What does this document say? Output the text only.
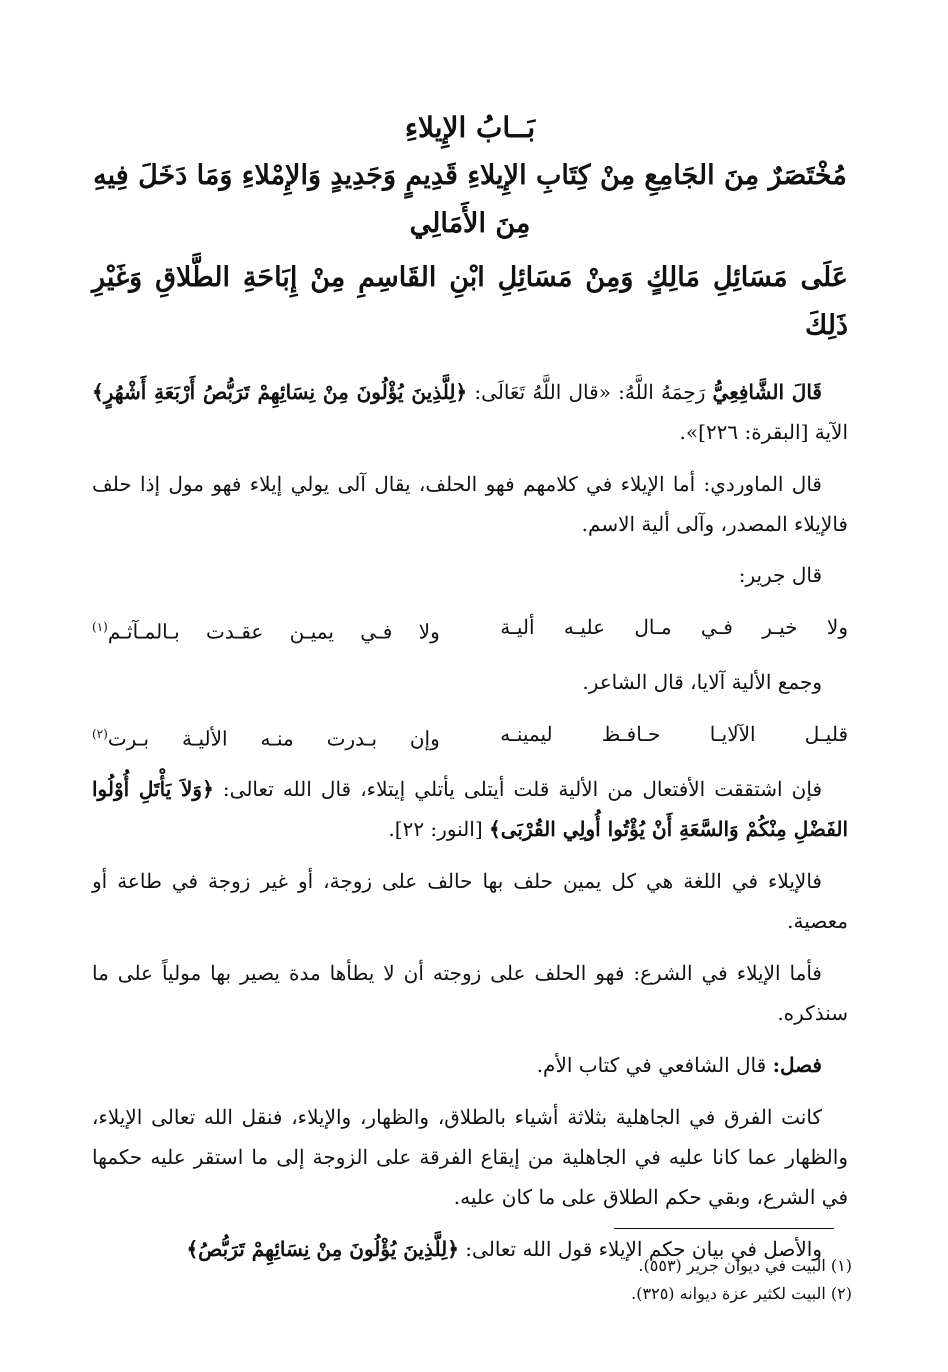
بَــابُ الإِيلاءِ
مُخْتَصَرٌ مِنَ الجَامِعِ مِنْ كِتَابِ الإِيلاءِ قَدِيمٍ وَجَدِيدٍ وَالإِمْلاءِ وَمَا دَخَلَ فِيهِ مِنَ الأَمَالِي
عَلَى مَسَائِلِ مَالِكٍ وَمِنْ مَسَائِلِ ابْنِ القَاسِمِ مِنْ إِبَاحَةِ الطَّلاقِ وَغَيْرِ ذَلِكَ

قَالَ الشَّافِعِيُّ رَحِمَهُ اللَّهُ: «قال اللَّهُ تَعَالَى: ﴿لِلَّذِينَ يُؤْلُونَ مِنْ نِسَائِهِمْ تَرَبُّصُ أَرْبَعَةِ أَشْهُرٍ﴾ الآية [البقرة: ٢٢٦]».

قال الماوردي: أما الإيلاء في كلامهم فهو الحلف، يقال آلى يولي إيلاء فهو مول إذا حلف فالإيلاء المصدر، وآلى ألية الاسم.

قال جرير:

ولا خيـر فـي مـال عليـه أليـة
ولا فـي يميـن عقـدت بـالمـآثـم$^{(١)}$

وجمع الألية آلايا، قال الشاعر.

قليـل الآلايـا حـافـظ ليمينـه
وإن بـدرت منـه الأليـة بـرت$^{(٢)}$

فإن اشتققت الأفتعال من الألية قلت أيتلى يأتلي إيتلاء، قال الله تعالى: ﴿وَلاَ يَأْتَلِ أُوْلُوا الفَضْلِ مِنْكُمْ وَالسَّعَةِ أَنْ يُؤْتُوا أُولِي القُرْبَى﴾ [النور: ٢٢].

فالإيلاء في اللغة هي كل يمين حلف بها حالف على زوجة، أو غير زوجة في طاعة أو معصية.

فأما الإيلاء في الشرع: فهو الحلف على زوجته أن لا يطأها مدة يصير بها مولياً على ما سنذكره.

فصل: قال الشافعي في كتاب الأم.

كانت الفرق في الجاهلية بثلاثة أشياء بالطلاق، والظهار، والإيلاء، فنقل الله تعالى الإيلاء، والظهار عما كانا عليه في الجاهلية من إيقاع الفرقة على الزوجة إلى ما استقر عليه حكمها في الشرع، وبقي حكم الطلاق على ما كان عليه.

والأصل في بيان حكم الإيلاء قول الله تعالى: ﴿لِلَّذِينَ يُؤْلُونَ مِنْ نِسَائِهِمْ تَرَبُّصُ﴾

(١) البيت في ديوان جرير (٥٥٣).

(٢) البيت لكثير عزة ديوانه (٣٢٥).
